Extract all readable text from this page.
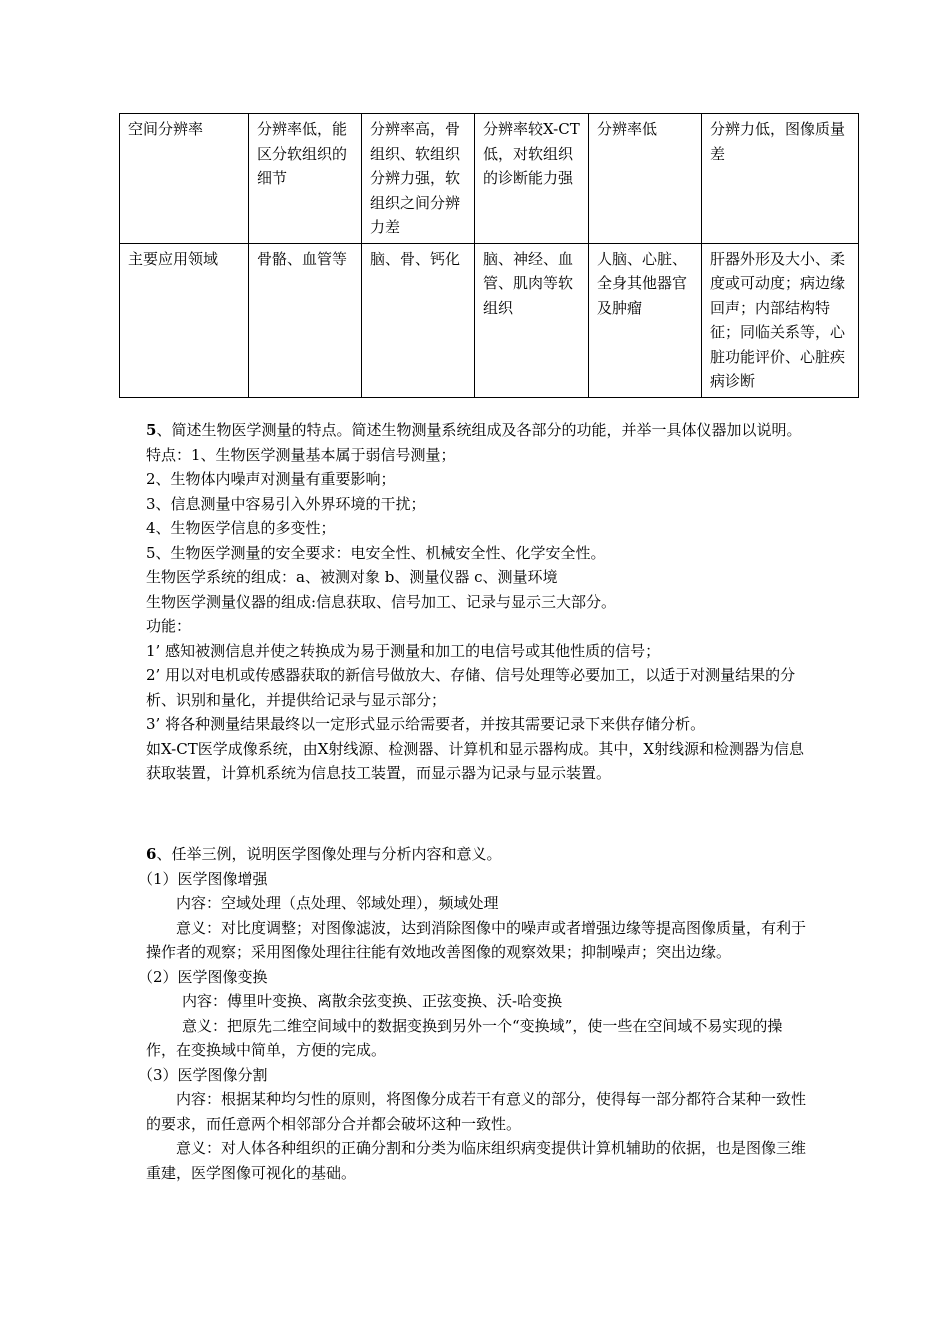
空间分辨率	分辨率低，能区分软组织的细节	分辨率高，骨组织、软组织分辨力强，软组织之间分辨力差	分辨率较X-CT低，对软组织的诊断能力强	分辨率低	分辨力低，图像质量差
主要应用领域	骨骼、血管等	脑、骨、钙化	脑、神经、血管、肌肉等软组织	人脑、心脏、全身其他器官及肿瘤	肝器外形及大小、柔度或可动度；病边缘回声；内部结构特征；同临关系等，心脏功能评价、心脏疾病诊断

5、简述生物医学测量的特点。简述生物测量系统组成及各部分的功能，并举一具体仪器加以说明。

特点：1、生物医学测量基本属于弱信号测量；

2、生物体内噪声对测量有重要影响；

3、信息测量中容易引入外界环境的干扰；

4、生物医学信息的多变性；

5、生物医学测量的安全要求：电安全性、机械安全性、化学安全性。

生物医学系统的组成：a、被测对象 b、测量仪器 c、测量环境

生物医学测量仪器的组成:信息获取、信号加工、记录与显示三大部分。

功能：

1’ 感知被测信息并使之转换成为易于测量和加工的电信号或其他性质的信号；

2’ 用以对电机或传感器获取的新信号做放大、存储、信号处理等必要加工，以适于对测量结果的分析、识别和量化，并提供给记录与显示部分；

3’ 将各种测量结果最终以一定形式显示给需要者，并按其需要记录下来供存储分析。

如X-CT医学成像系统，由X射线源、检测器、计算机和显示器构成。其中，X射线源和检测器为信息获取装置，计算机系统为信息技工装置，而显示器为记录与显示装置。

6、任举三例，说明医学图像处理与分析内容和意义。

（1）医学图像增强

内容：空域处理（点处理、邻域处理），频域处理

意义：对比度调整；对图像滤波，达到消除图像中的噪声或者增强边缘等提高图像质量，有利于操作者的观察；采用图像处理往往能有效地改善图像的观察效果；抑制噪声；突出边缘。

（2）医学图像变换

内容：傅里叶变换、离散余弦变换、正弦变换、沃-哈变换

意义：把原先二维空间域中的数据变换到另外一个“变换域”，使一些在空间域不易实现的操作，在变换域中简单，方便的完成。

（3）医学图像分割

内容：根据某种均匀性的原则，将图像分成若干有意义的部分，使得每一部分都符合某种一致性的要求，而任意两个相邻部分合并都会破坏这种一致性。

意义：对人体各种组织的正确分割和分类为临床组织病变提供计算机辅助的依据，也是图像三维重建，医学图像可视化的基础。
